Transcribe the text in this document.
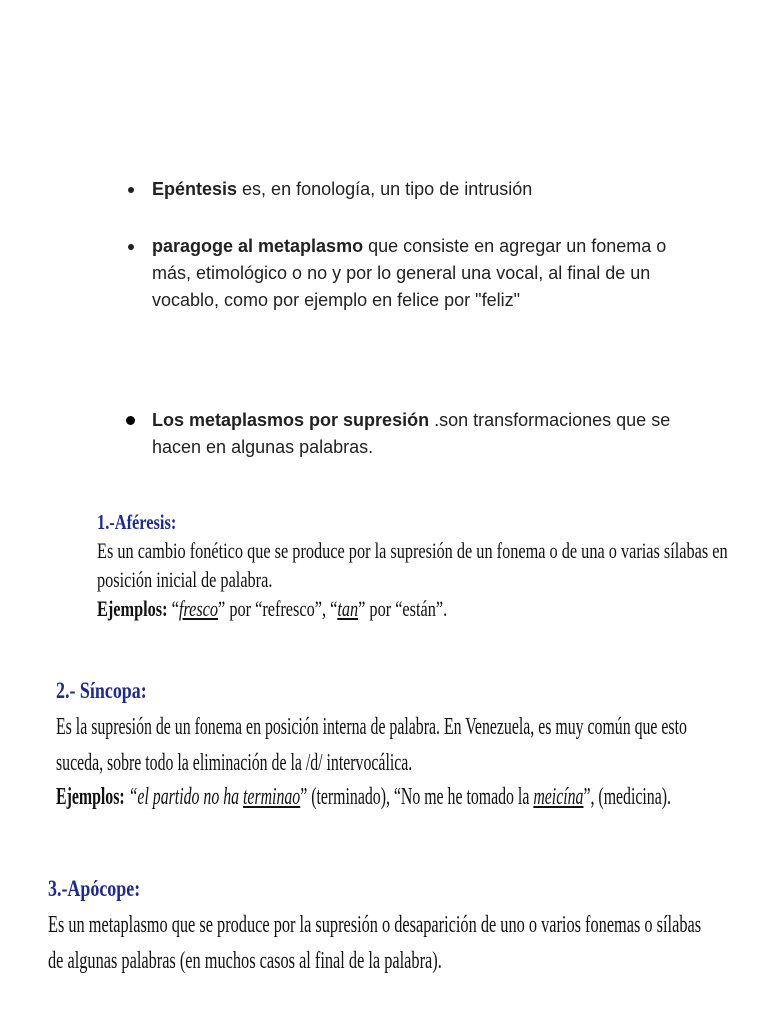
Epéntesis es, en fonología, un tipo de intrusión
paragoge al metaplasmo que consiste en agregar un fonema o más, etimológico o no y por lo general una vocal, al final de un vocablo, como por ejemplo en felice por "feliz"
Los metaplasmos por supresión .son transformaciones que se hacen en algunas palabras.
1.-Aféresis:
Es un cambio fonético que se produce por la supresión de un fonema o de una o varias sílabas en
posición inicial de palabra.
Ejemplos: “fresco” por “refresco”, “tan” por “están”.
2.- Síncopa:
Es la supresión de un fonema en posición interna de palabra. En Venezuela, es muy común que esto
suceda, sobre todo la eliminación de la /d/ intervocálica.
Ejemplos: “el partido no ha terminao” (terminado), “No me he tomado la meicína”, (medicina).
3.-Apócope:
Es un metaplasmo que se produce por la supresión o desaparición de uno o varios fonemas o sílabas
de algunas palabras (en muchos casos al final de la palabra).
